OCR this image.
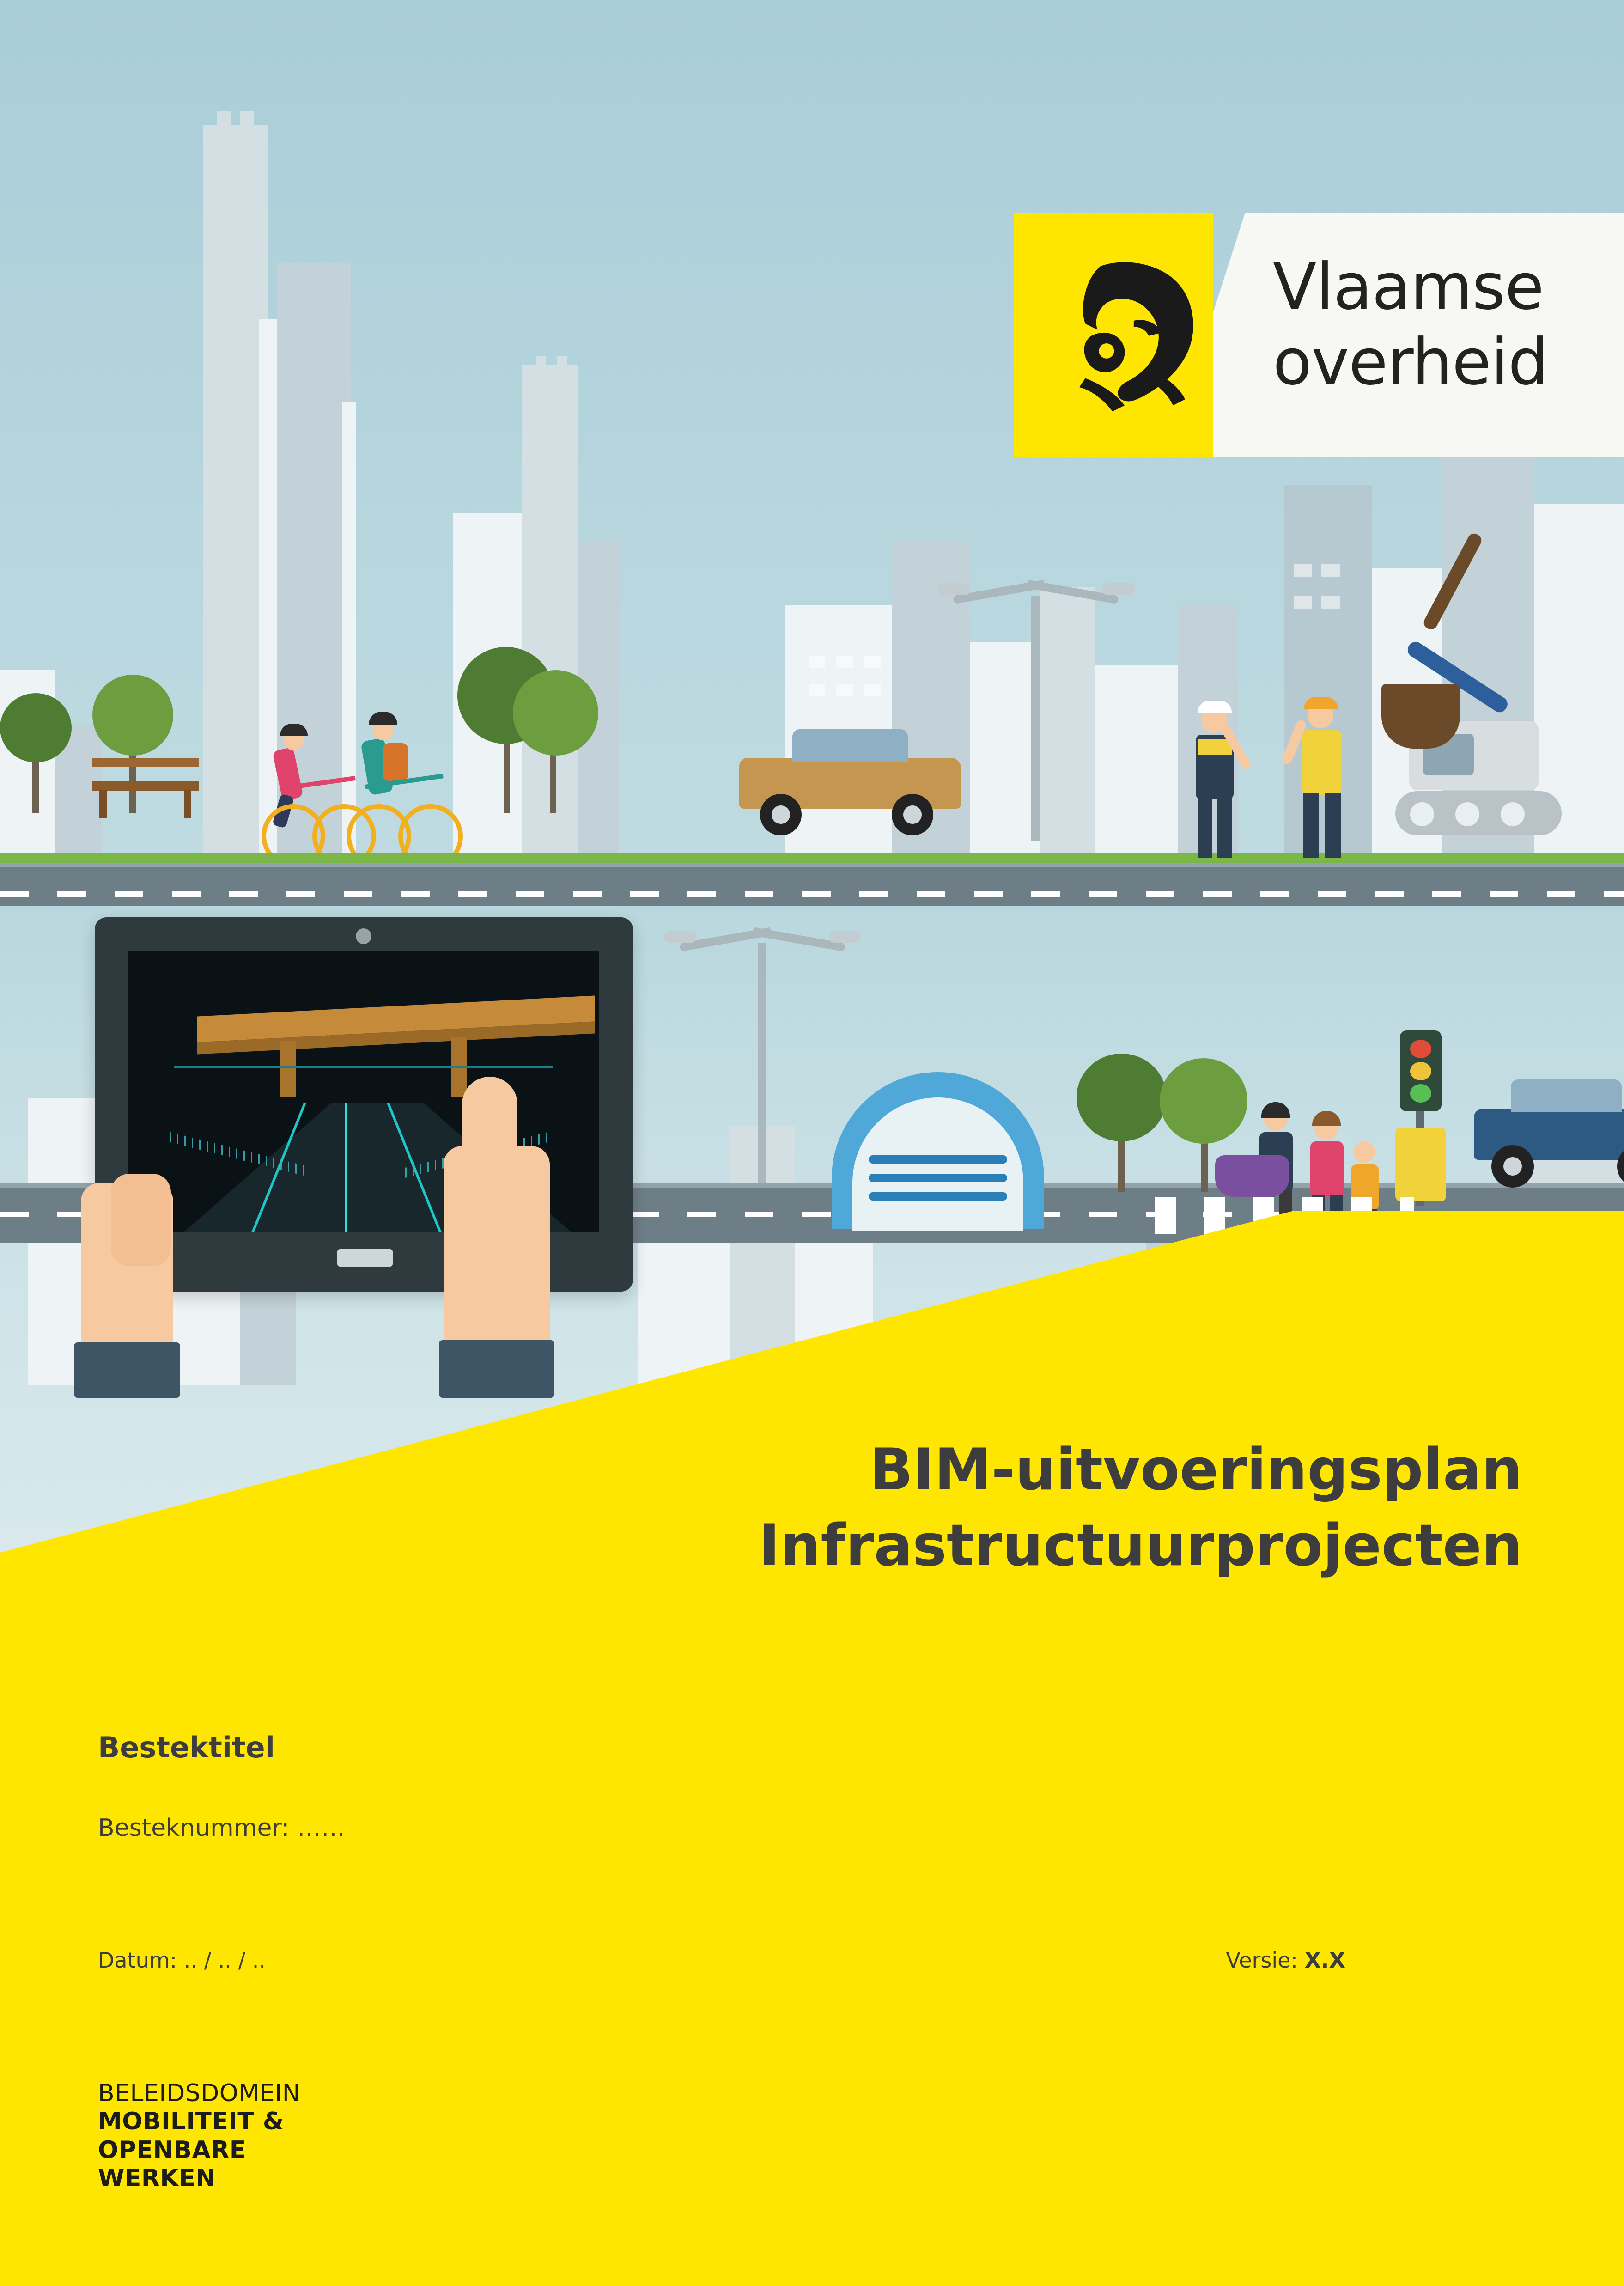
Vlaamse
overheid
BIM-uitvoeringsplan
Infrastructuurprojecten
Bestektitel
Besteknummer: ……
Datum: .. / .. / ..	Versie: X.X
BELEIDSDOMEIN
MOBILITEIT &
OPENBARE
WERKEN
